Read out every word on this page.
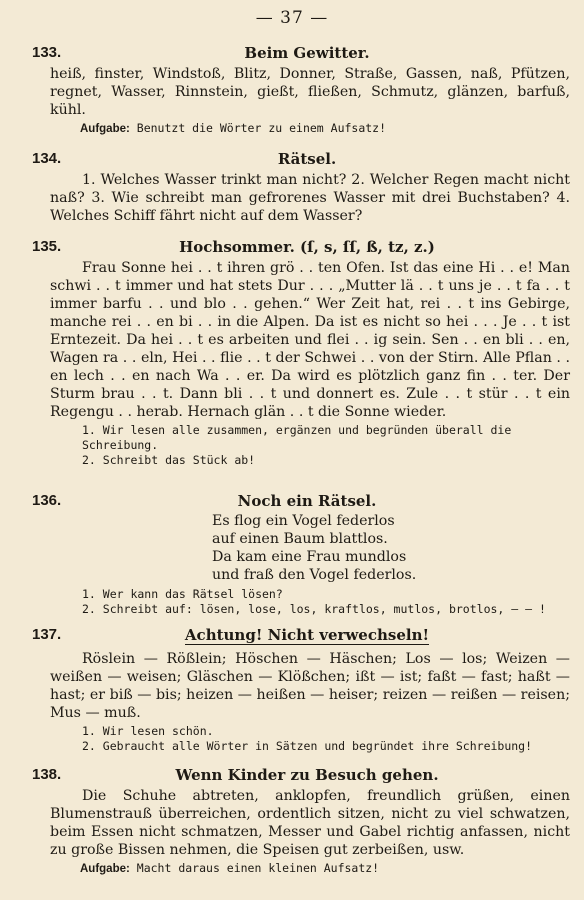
— 37 —
133.	Beim Gewitter.
heiß, finster, Windstoß, Blitz, Donner, Straße, Gassen, naß, Pfützen, regnet, Wasser, Rinnstein, gießt, fließen, Schmutz, glänzen, barfuß, kühl.
Aufgabe: Benutzt die Wörter zu einem Aufsatz!
134.	Rätsel.
1. Welches Wasser trinkt man nicht? 2. Welcher Regen macht nicht naß? 3. Wie schreibt man gefrorenes Wasser mit drei Buchstaben? 4. Welches Schiff fährt nicht auf dem Wasser?
135.	Hochsommer. (ſ, s, ſſ, ß, tz, z.)
Frau Sonne hei . . t ihren grö . . ten Ofen. Ist das eine Hi . . e! Man schwi . . t immer und hat stets Dur . . . „Mutter lä . . t uns je . . t fa . . t immer barfu . . und blo . . gehen.“ Wer Zeit hat, rei . . t ins Gebirge, manche rei . . en bi . . in die Alpen. Da ist es nicht so hei . . . Je . . t ist Erntezeit. Da hei . . t es arbeiten und flei . . ig sein. Sen . . en bli . . en, Wagen ra . . eln, Hei . . flie . . t der Schwei . . von der Stirn. Alle Pflan . . en lech . . en nach Wa . . er. Da wird es plötzlich ganz fin . . ter. Der Sturm brau . . t. Dann bli . . t und donnert es. Zule . . t stür . . t ein Regengu . . herab. Hernach glän . . t die Sonne wieder.
1. Wir lesen alle zusammen, ergänzen und begründen überall die Schreibung.
2. Schreibt das Stück ab!
136.	Noch ein Rätsel.
Es flog ein Vogel federlos
auf einen Baum blattlos.
Da kam eine Frau mundlos
und fraß den Vogel federlos.
1. Wer kann das Rätsel lösen?
2. Schreibt auf: lösen, lose, los, kraftlos, mutlos, brotlos, — — !
137.	Achtung! Nicht verwechseln!
Röslein — Rößlein; Höschen — Häschen; Los — los; Weizen — weißen — weisen; Gläschen — Klößchen; ißt — ist; faßt — fast; haßt — hast; er biß — bis; heizen — heißen — heiser; reizen — reißen — reisen; Mus — muß.
1. Wir lesen schön.
2. Gebraucht alle Wörter in Sätzen und begründet ihre Schreibung!
138.	Wenn Kinder zu Besuch gehen.
Die Schuhe abtreten, anklopfen, freundlich grüßen, einen Blumenstrauß überreichen, ordentlich sitzen, nicht zu viel schwatzen, beim Essen nicht schmatzen, Messer und Gabel richtig anfassen, nicht zu große Bissen nehmen, die Speisen gut zerbeißen, usw.
Aufgabe: Macht daraus einen kleinen Aufsatz!
